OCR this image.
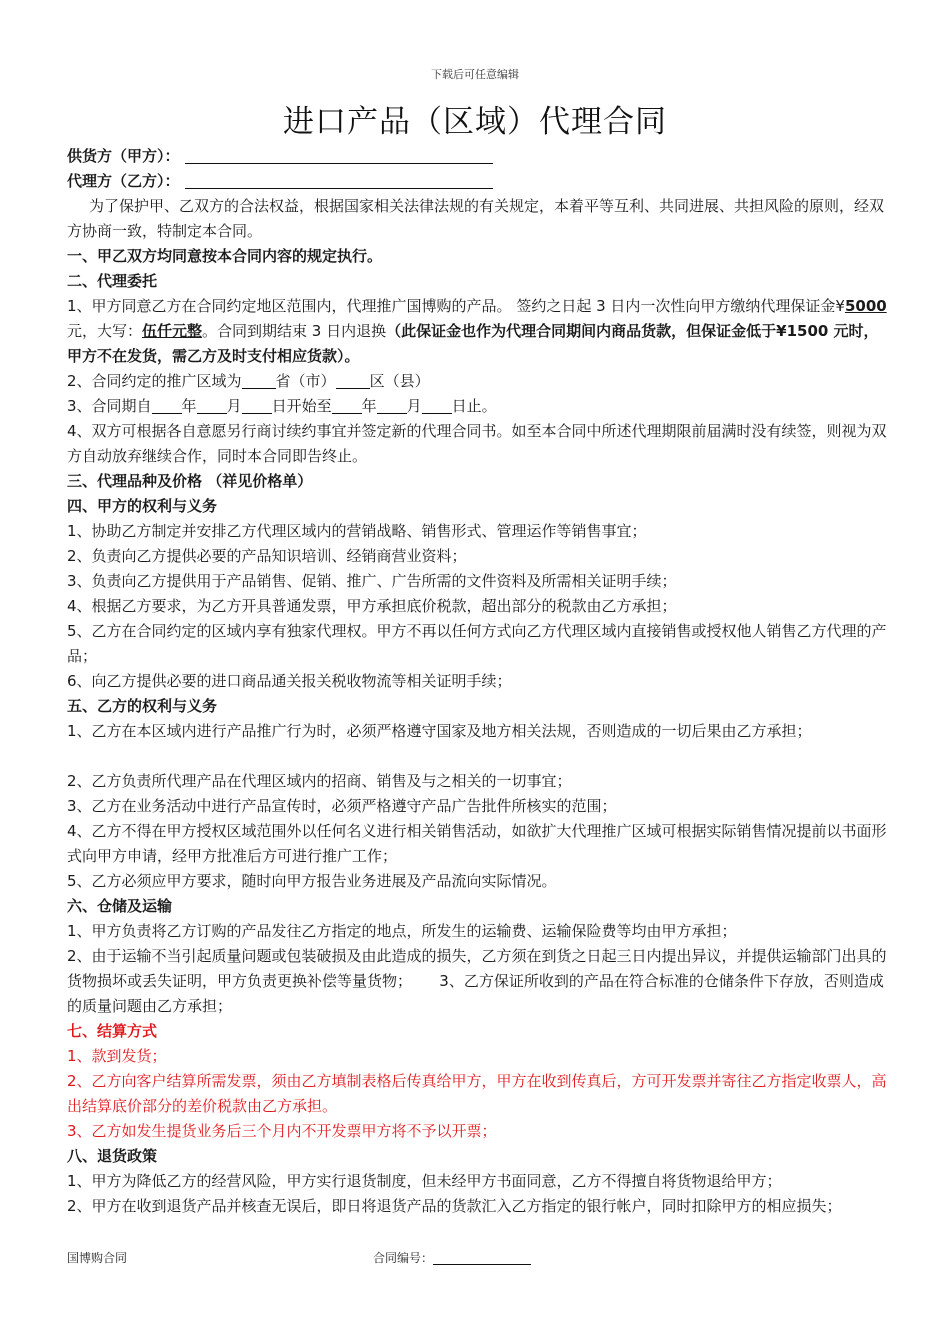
下载后可任意编辑
进口产品（区域）代理合同

供货方（甲方）：

代理方（乙方）：

为了保护甲、乙双方的合法权益，根据国家相关法律法规的有关规定，本着平等互利、共同进展、共担风险的原则，经双方协商一致，特制定本合同。

一、甲乙双方均同意按本合同内容的规定执行。

二、代理委托

1、甲方同意乙方在合同约定地区范围内，代理推广国博购的产品。 签约之日起 3 日内一次性向甲方缴纳代理保证金¥5000元，大写：伍仟元整。合同到期结束 3 日内退换（此保证金也作为代理合同期间内商品货款，但保证金低于¥1500 元时，甲方不在发货，需乙方及时支付相应货款）。

2、合同约定的推广区域为 省（市） 区（县）

3、合同期自 年 月 日开始至 年 月 日止。

4、双方可根据各自意愿另行商讨续约事宜并签定新的代理合同书。如至本合同中所述代理期限前届满时没有续签，则视为双方自动放弃继续合作，同时本合同即告终止。

三、代理品种及价格 （祥见价格单）

四、甲方的权利与义务

1、协助乙方制定并安排乙方代理区域内的营销战略、销售形式、管理运作等销售事宜；

2、负责向乙方提供必要的产品知识培训、经销商营业资料；

3、负责向乙方提供用于产品销售、促销、推广、广告所需的文件资料及所需相关证明手续；

4、根据乙方要求，为乙方开具普通发票，甲方承担底价税款，超出部分的税款由乙方承担；

5、乙方在合同约定的区域内享有独家代理权。甲方不再以任何方式向乙方代理区域内直接销售或授权他人销售乙方代理的产品；

6、向乙方提供必要的进口商品通关报关税收物流等相关证明手续；

五、乙方的权利与义务

1、乙方在本区域内进行产品推广行为时，必须严格遵守国家及地方相关法规，否则造成的一切后果由乙方承担；

2、乙方负责所代理产品在代理区域内的招商、销售及与之相关的一切事宜；

3、乙方在业务活动中进行产品宣传时，必须严格遵守产品广告批件所核实的范围；

4、乙方不得在甲方授权区域范围外以任何名义进行相关销售活动，如欲扩大代理推广区域可根据实际销售情况提前以书面形式向甲方申请，经甲方批准后方可进行推广工作；

5、乙方必须应甲方要求，随时向甲方报告业务进展及产品流向实际情况。

六、仓储及运输

1、甲方负责将乙方订购的产品发往乙方指定的地点，所发生的运输费、运输保险费等均由甲方承担；

2、由于运输不当引起质量问题或包装破损及由此造成的损失，乙方须在到货之日起三日内提出异议，并提供运输部门出具的货物损坏或丢失证明，甲方负责更换补偿等量货物；　　 3、乙方保证所收到的产品在符合标准的仓储条件下存放，否则造成的质量问题由乙方承担；

七、结算方式

1、款到发货；

2、乙方向客户结算所需发票，须由乙方填制表格后传真给甲方，甲方在收到传真后，方可开发票并寄往乙方指定收票人，高出结算底价部分的差价税款由乙方承担。

3、乙方如发生提货业务后三个月内不开发票甲方将不予以开票；

八、退货政策

1、甲方为降低乙方的经营风险，甲方实行退货制度，但未经甲方书面同意，乙方不得擅自将货物退给甲方；

2、甲方在收到退货产品并核查无误后，即日将退货产品的货款汇入乙方指定的银行帐户，同时扣除甲方的相应损失；

国博购合同	合同编号：
